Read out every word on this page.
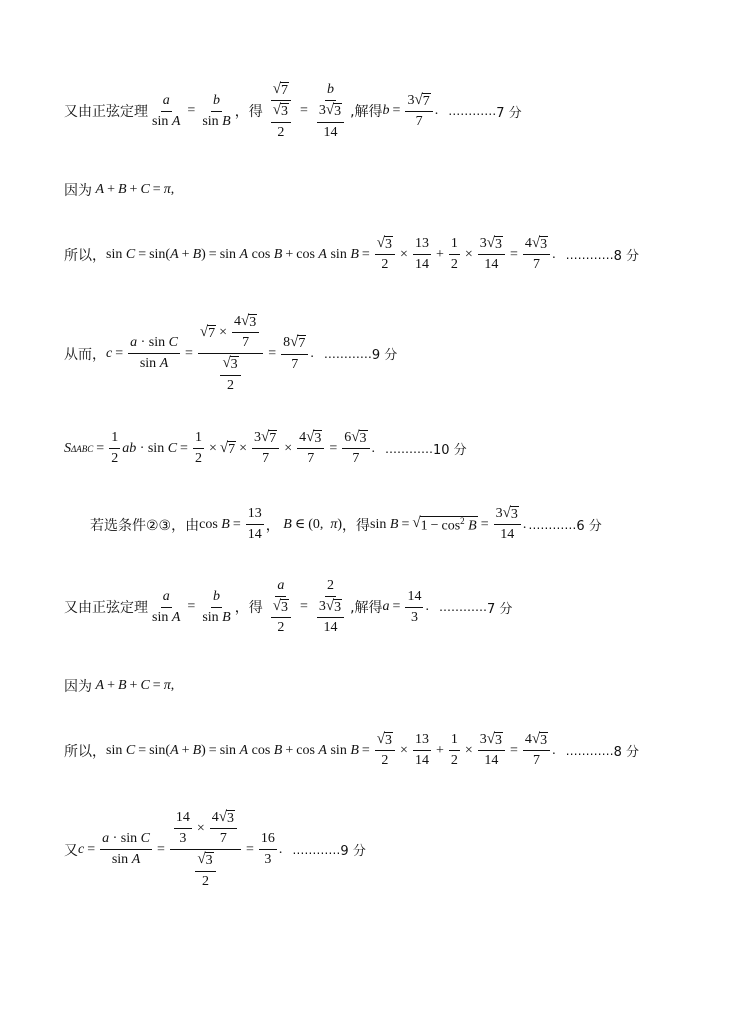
又由正弦定理 $\frac{a}{\text{sin A}} = \frac{b}{\text{sin B}}$ ，得 $\frac{√ 7}{\frac{√ 3}{2}} = \frac{b}{\frac{3 √ 3}{14}}$ ,解得 $b = \frac{3 √ 7}{7}$ . ………… 7 分
因为 A + B + C = π ,
所以， sin C = sin( A + B ) = sin A cos B + cos A $\sin B = \frac{√ 3}{2} \times \frac{13}{14} + \frac{1}{2} \times \frac{3 √ 3}{14} = \frac{4 √ 3}{7}$ . ………… 8 分
从而， $c = \frac{\text{a · sin C}}{\text{sin A}} = \frac{√ 7 \times \frac{4 √ 3}{7}}{\frac{√ 3}{2}} = \frac{8 √ 7}{7}$ . ………… 9 分
S $\Delta ABC = \frac{1}{2}$ ab · $\sin C = \frac{1}{2}$ × √ $7 \times \frac{3 √ 7}{7} \times \frac{4 √ 3}{7} = \frac{6 √ 3}{7}$ . ………… 10 分
若选条件②③，由 $\cos B = \frac{13}{14}$ ， B ∈ (0, π ) ，得 sin B = √ $1 - \cos^2 B = \frac{3 √ 3}{14}$ . ………… 6 分
又由正弦定理 $\frac{a}{\text{sin A}} = \frac{b}{\text{sin B}}$ ，得 $\frac{a}{\frac{√ 3}{2}} = \frac{2}{\frac{3 √ 3}{14}}$ ,解得 $a = \frac{14}{3}$ . ………… 7 分
因为 A + B + C = π ,
所以， sin C = sin( A + B ) = sin A cos B + cos A $\sin B = \frac{√ 3}{2} \times \frac{13}{14} + \frac{1}{2} \times \frac{3 √ 3}{14} = \frac{4 √ 3}{7}$ . ………… 8 分
又 $c = \frac{\text{a · sin C}}{\text{sin A}} = \frac{\frac{14}{3} \times \frac{4 √ 3}{7}}{\frac{√ 3}{2}} = \frac{16}{3}$ . ………… 9 分
